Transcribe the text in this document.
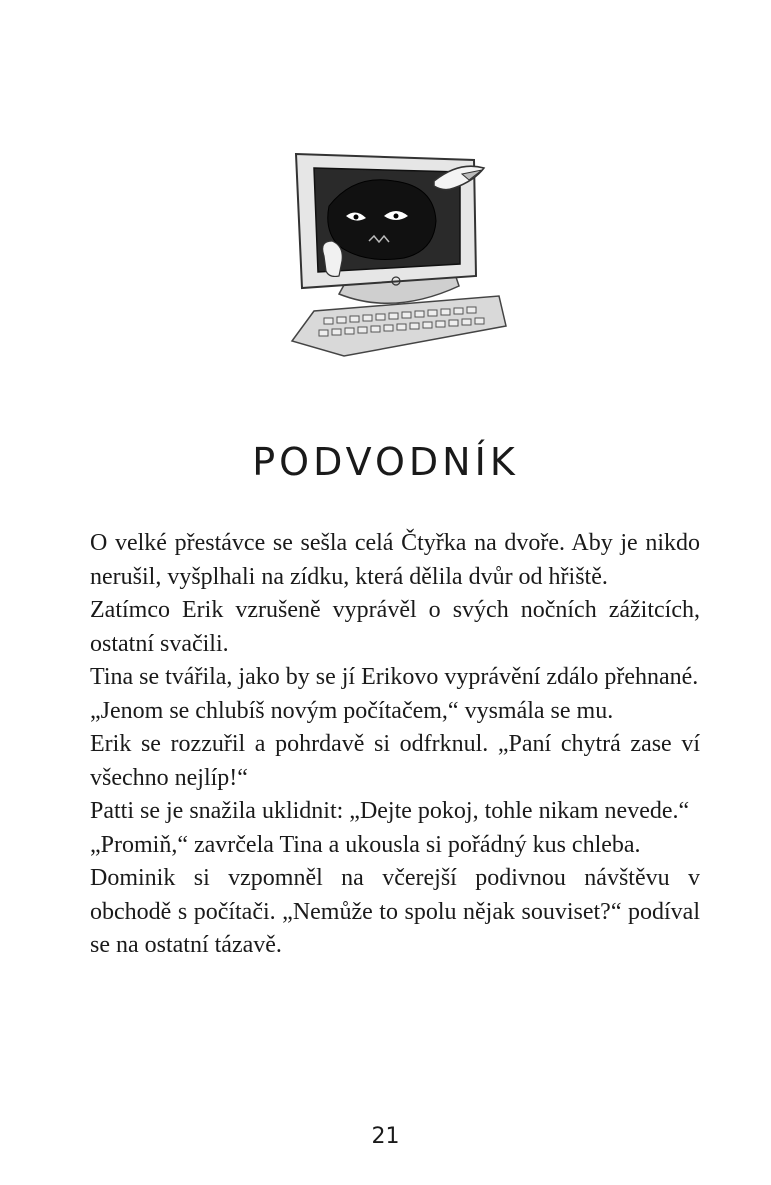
PODVODNÍK

O velké přestávce se sešla celá Čtyřka na dvoře. Aby je nikdo nerušil, vyšplhali na zídku, která dělila dvůr od hřiště.

Zatímco Erik vzrušeně vyprávěl o svých nočních zážitcích, ostatní svačili.

Tina se tvářila, jako by se jí Erikovo vyprávění zdálo přehnané.

„Jenom se chlubíš novým počítačem,“ vysmála se mu.

Erik se rozzuřil a pohrdavě si odfrknul. „Paní chytrá zase ví všechno nejlíp!“

Patti se je snažila uklidnit: „Dejte pokoj, tohle nikam nevede.“

„Promiň,“ zavrčela Tina a ukousla si pořádný kus chleba.

Dominik si vzpomněl na včerejší podivnou návštěvu v obchodě s počítači. „Nemůže to spolu nějak souviset?“ podíval se na ostatní tázavě.

21
